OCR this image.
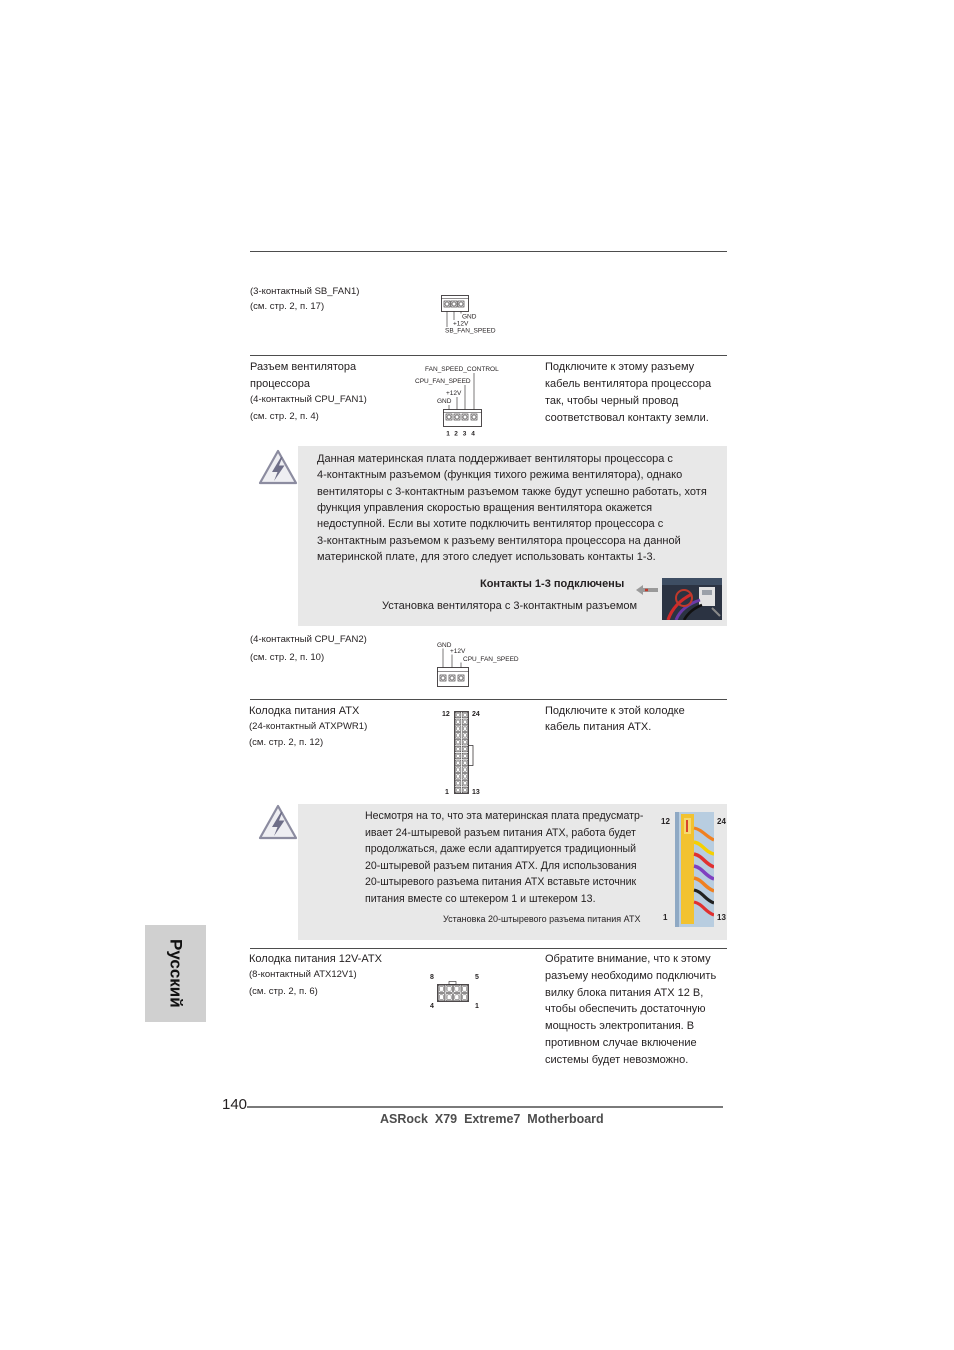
(3-контактный SB_FAN1)
(см. стр. 2, п. 17)
GND
+12V
SB_FAN_SPEED
Разъем вентилятора
процессора
(4-контактный CPU_FAN1)
(см. стр. 2, п. 4)
FAN_SPEED_CONTROL
CPU_FAN_SPEED
+12V
GND
1 2 3 4
Подключите к этому разъему
кабель вентилятора процессора
так, чтобы черный провод
соответствовал контакту земли.
Данная материнская плата поддерживает вентиляторы процессора с
4-контактным разъемом (функция тихого режима вентилятора), однако
вентиляторы с 3-контактным разъемом также будут успешно работать, хотя
функция управления скоростью вращения вентилятора окажется
недоступной. Если вы хотите подключить вентилятор процессора с
3-контактным разъемом к разъему вентилятора процессора на данной
материнской плате, для этого следует использовать контакты 1-3.
Контакты 1-3 подключены
Установка вентилятора с 3-контактным разъемом
(4-контактный CPU_FAN2)
(см. стр. 2, п. 10)
GND
+12V
CPU_FAN_SPEED
Колодка питания ATX
(24-контактный ATXPWR1)
(см. стр. 2, п. 12)
12	24
1	13
Подключите к этой колодке
кабель питания ATX.
Несмотря на то, что эта материнская плата предусматр-
ивает 24-штыревой разъем питания ATX, работа будет
продолжаться, даже если адаптируется традиционный
20-штыревой разъем питания ATX. Для использования
20-штыревого разъема питания ATX вставьте источник
питания вместе со штекером 1 и штекером 13.
Установка 20-штыревого разъема питания ATX
12	24
1	13
Колодка питания 12V-ATX
(8-контактный ATX12V1)
(см. стр. 2, п. 6)
8	5
4	1
Обратите внимание, что к этому
разъему необходимо подключить
вилку блока питания ATX 12 В,
чтобы обеспечить достаточную
мощность электропитания. В
противном случае включение
системы будет невозможно.
Русский
140
ASRock  X79  Extreme7  Motherboard
